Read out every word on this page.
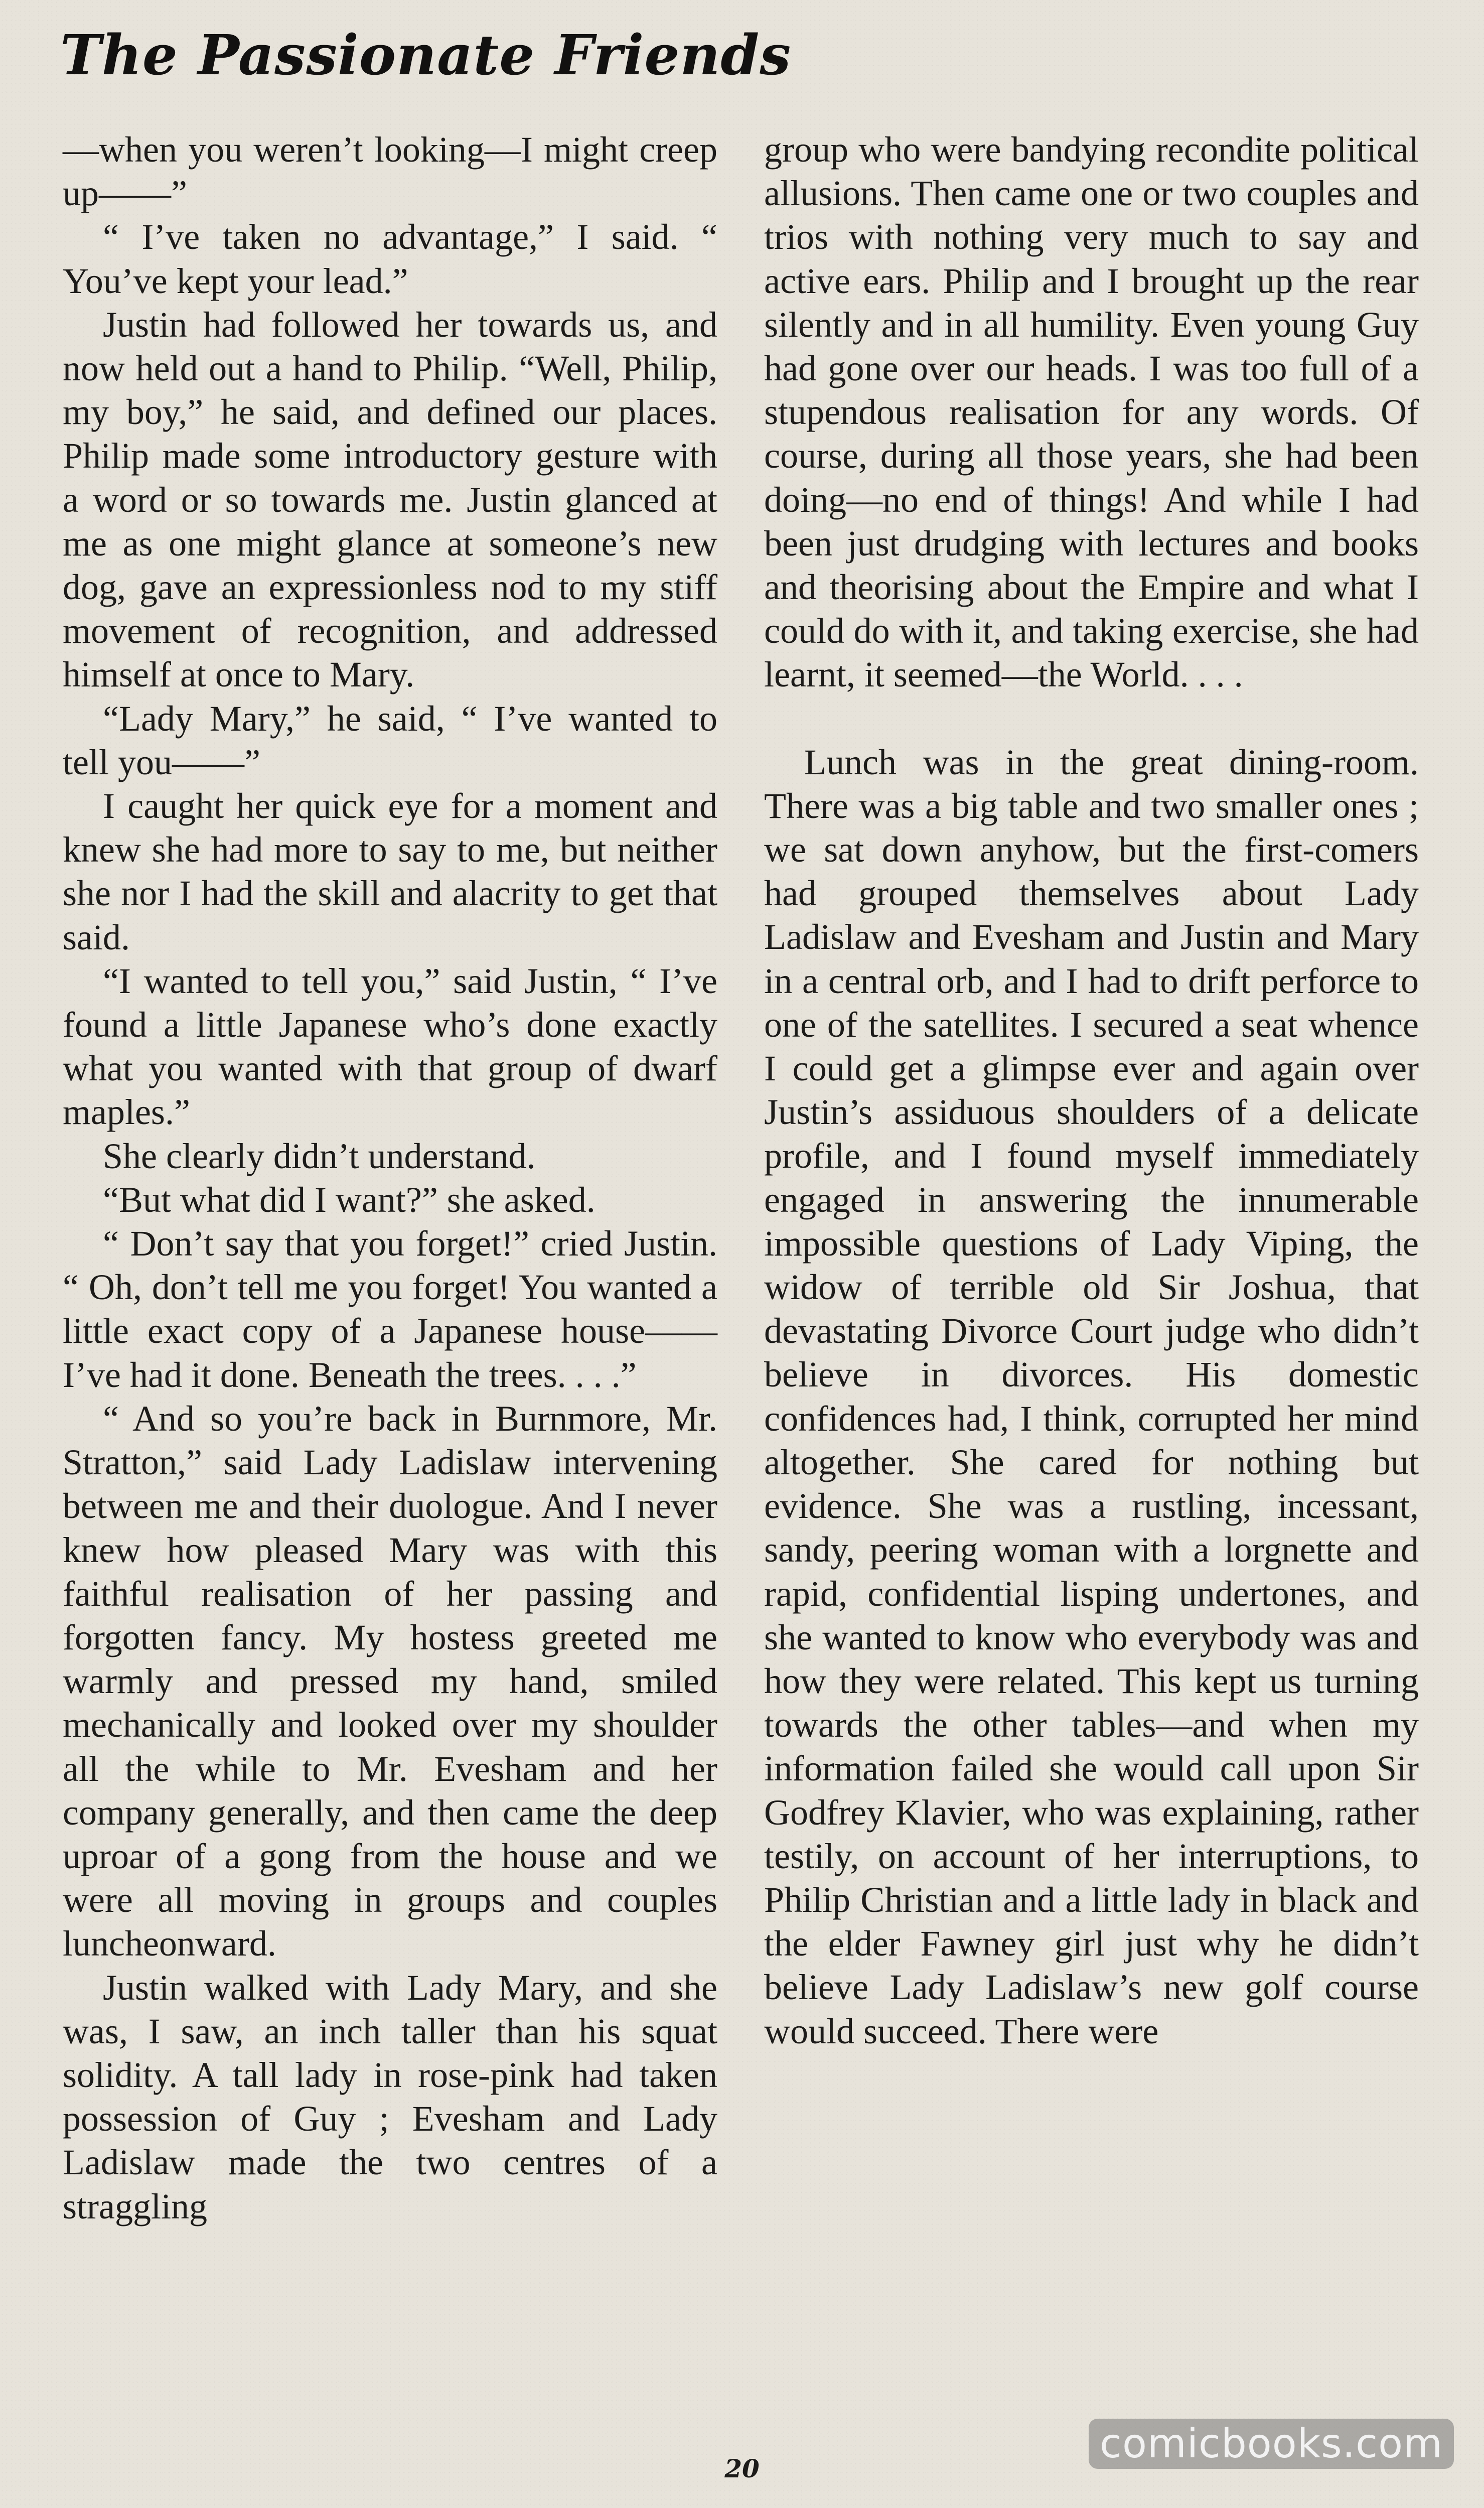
The Passionate Friends

—when you weren’t looking—I might creep up——”

“ I’ve taken no advantage,” I said. “ You’ve kept your lead.”

Justin had followed her towards us, and now held out a hand to Philip. “Well, Philip, my boy,” he said, and defined our places. Philip made some introductory gesture with a word or so towards me. Justin glanced at me as one might glance at someone’s new dog, gave an expressionless nod to my stiff movement of recognition, and addressed himself at once to Mary.

“Lady Mary,” he said, “ I’ve wanted to tell you——”

I caught her quick eye for a moment and knew she had more to say to me, but neither she nor I had the skill and alacrity to get that said.

“I wanted to tell you,” said Justin, “ I’ve found a little Japanese who’s done exactly what you wanted with that group of dwarf maples.”

She clearly didn’t understand.

“But what did I want?” she asked.

“ Don’t say that you forget!” cried Justin. “ Oh, don’t tell me you forget! You wanted a little exact copy of a Japanese house—— I’ve had it done. Beneath the trees. . . .”

“ And so you’re back in Burnmore, Mr. Stratton,” said Lady Ladislaw intervening between me and their duologue. And I never knew how pleased Mary was with this faithful realisation of her passing and forgotten fancy. My hostess greeted me warmly and pressed my hand, smiled mechanically and looked over my shoulder all the while to Mr. Evesham and her company generally, and then came the deep uproar of a gong from the house and we were all moving in groups and couples luncheonward.

Justin walked with Lady Mary, and she was, I saw, an inch taller than his squat solidity. A tall lady in rose-pink had taken possession of Guy ; Evesham and Lady Ladislaw made the two centres of a straggling

group who were bandying recondite political allusions. Then came one or two couples and trios with nothing very much to say and active ears. Philip and I brought up the rear silently and in all humility. Even young Guy had gone over our heads. I was too full of a stupendous realisation for any words. Of course, during all those years, she had been doing—no end of things! And while I had been just drudging with lectures and books and theorising about the Empire and what I could do with it, and taking exercise, she had learnt, it seemed—the World. . . .

Lunch was in the great dining-room. There was a big table and two smaller ones ; we sat down anyhow, but the first-comers had grouped themselves about Lady Ladislaw and Evesham and Justin and Mary in a central orb, and I had to drift perforce to one of the satellites. I secured a seat whence I could get a glimpse ever and again over Justin’s assiduous shoulders of a delicate profile, and I found myself immediately engaged in answering the innumerable impossible questions of Lady Viping, the widow of terrible old Sir Joshua, that devastating Divorce Court judge who didn’t believe in divorces. His domestic confidences had, I think, corrupted her mind altogether. She cared for nothing but evidence. She was a rustling, incessant, sandy, peering woman with a lorgnette and rapid, confidential lisping undertones, and she wanted to know who everybody was and how they were related. This kept us turning towards the other tables—and when my information failed she would call upon Sir Godfrey Klavier, who was explaining, rather testily, on account of her interruptions, to Philip Christian and a little lady in black and the elder Fawney girl just why he didn’t believe Lady Ladislaw’s new golf course would succeed. There were

20
comicbooks.com
